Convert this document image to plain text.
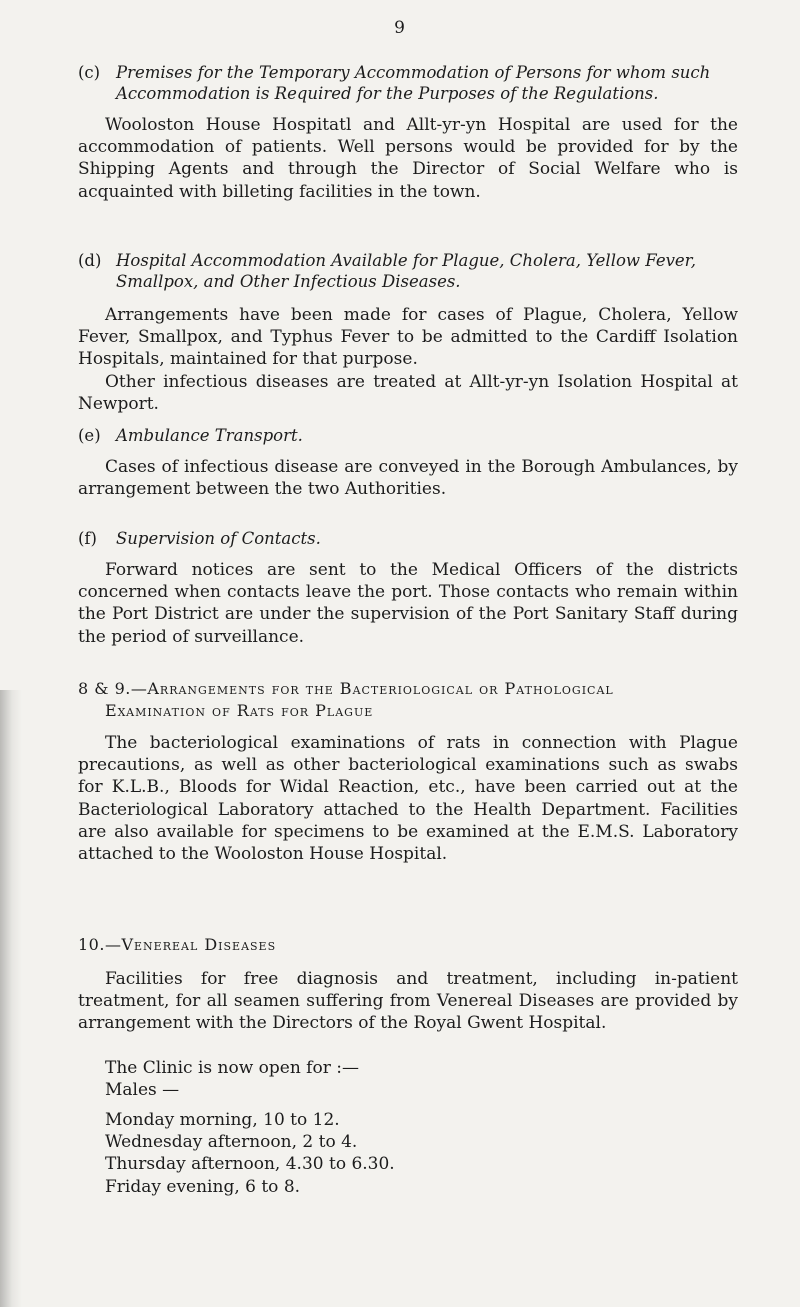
9
(c) Premises for the Temporary Accommodation of Persons for whom such Accommodation is Required for the Purposes of the Regulations.

Wooloston House Hospitatl and Allt-yr-yn Hospital are used for the accommodation of patients. Well persons would be provided for by the Shipping Agents and through the Director of Social Welfare who is acquainted with billeting facilities in the town.

(d) Hospital Accommodation Available for Plague, Cholera, Yellow Fever, Smallpox, and Other Infectious Diseases.

Arrangements have been made for cases of Plague, Cholera, Yellow Fever, Smallpox, and Typhus Fever to be admitted to the Cardiff Isolation Hospitals, maintained for that purpose.

Other infectious diseases are treated at Allt-yr-yn Isolation Hospital at Newport.

(e) Ambulance Transport.

Cases of infectious disease are conveyed in the Borough Ambulances, by arrangement between the two Authorities.

(f)	Supervision of Contacts.

Forward notices are sent to the Medical Officers of the districts concerned when contacts leave the port. Those contacts who remain within the Port District are under the supervision of the Port Sanitary Staff during the period of surveillance.

8 & 9.—Arrangements for the Bacteriological or Pathological

Examination of Rats for Plague

The bacteriological examinations of rats in connection with Plague precautions, as well as other bacteriological examinations such as swabs for K.L.B., Bloods for Widal Reaction, etc., have been carried out at the Bacteriological Laboratory attached to the Health Department. Facilities are also available for specimens to be examined at the E.M.S. Laboratory attached to the Wooloston House Hospital.

10.—Venereal Diseases

Facilities for free diagnosis and treatment, including in-patient treatment, for all seamen suffering from Venereal Diseases are provided by arrangement with the Directors of the Royal Gwent Hospital.

The Clinic is now open for :—

Males —

Monday morning, 10 to 12.

Wednesday afternoon, 2 to 4.

Thursday afternoon, 4.30 to 6.30.

Friday evening, 6 to 8.
